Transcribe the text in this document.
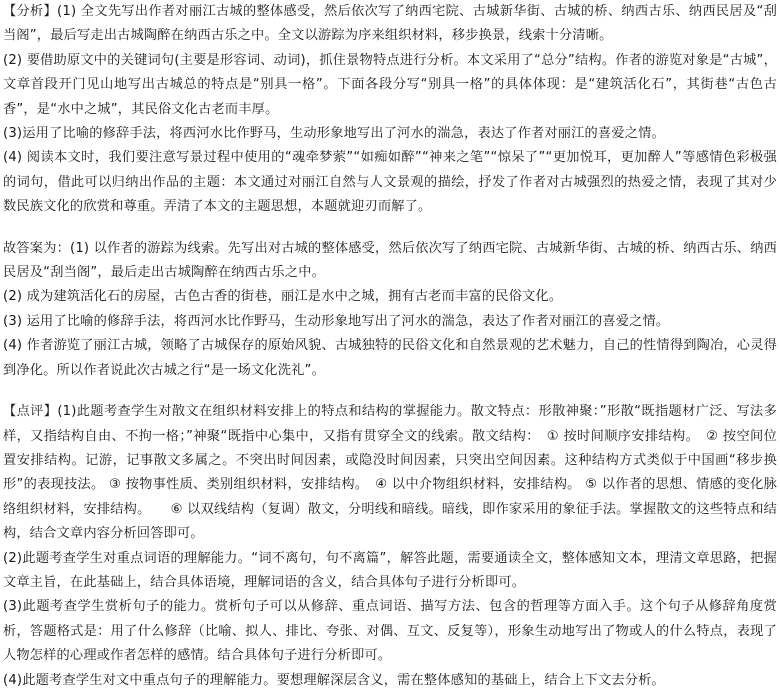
【分析】(1) 全文先写出作者对丽江古城的整体感受，然后依次写了纳西宅院、古城新华街、古城的桥、纳西古乐、纳西民居及“刮当阁”，最后写走出古城陶醉在纳西古乐之中。全文以游踪为序来组织材料，移步换景，线索十分清晰。

(2) 要借助原文中的关键词句(主要是形容词、动词)，抓住景物特点进行分析。本文采用了“总分”结构。作者的游览对象是“古城”，文章首段开门见山地写出古城总的特点是“别具一格”。下面各段分写“别具一格”的具体体现：是“建筑活化石”，其街巷“古色古香”，是“水中之城”，其民俗文化古老而丰厚。

(3)运用了比喻的修辞手法，将西河水比作野马，生动形象地写出了河水的湍急，表达了作者对丽江的喜爱之情。

(4) 阅读本文时，我们要注意写景过程中使用的“魂牵梦萦”“如痴如醉”“神来之笔”“惊呆了”“更加悦耳，更加醉人”等感情色彩极强的词句，借此可以归纳出作品的主题：本文通过对丽江自然与人文景观的描绘，抒发了作者对古城强烈的热爱之情，表现了其对少数民族文化的欣赏和尊重。弄清了本文的主题思想，本题就迎刃而解了。

故答案为：(1) 以作者的游踪为线索。先写出对古城的整体感受，然后依次写了纳西宅院、古城新华街、古城的桥、纳西古乐、纳西民居及“刮当阁”，最后走出古城陶醉在纳西古乐之中。

(2) 成为建筑活化石的房屋，古色古香的街巷，丽江是水中之城，拥有古老而丰富的民俗文化。

(3) 运用了比喻的修辞手法，将西河水比作野马，生动形象地写出了河水的湍急，表达了作者对丽江的喜爱之情。

(4) 作者游览了丽江古城，领略了古城保存的原始风貌、古城独特的民俗文化和自然景观的艺术魅力，自己的性情得到陶冶，心灵得到净化。所以作者说此次古城之行“是一场文化洗礼”。

【点评】(1)此题考查学生对散文在组织材料安排上的特点和结构的掌握能力。散文特点：形散神聚：”形散“既指题材广泛、写法多样，又指结构自由、不拘一格；”神聚“既指中心集中，又指有贯穿全文的线索。散文结构：　① 按时间顺序安排结构。　② 按空间位置安排结构。记游，记事散文多属之。不突出时间因素，或隐没时间因素，只突出空间因素。这种结构方式类似于中国画“移步换形”的表现技法。 ③ 按物事性质、类别组织材料，安排结构。　④ 以中介物组织材料，安排结构。 ⑤ 以作者的思想、情感的变化脉络组织材料，安排结构。　　⑥ 以双线结构（复调）散文，分明线和暗线。暗线，即作家采用的象征手法。掌握散文的这些特点和结构，结合文章内容分析回答即可。

(2)此题考查学生对重点词语的理解能力。“词不离句，句不离篇”，解答此题，需要通读全文，整体感知文本，理清文章思路，把握文章主旨，在此基础上，结合具体语境，理解词语的含义，结合具体句子进行分析即可。

(3)此题考查学生赏析句子的能力。赏析句子可以从修辞、重点词语、描写方法、包含的哲理等方面入手。这个句子从修辞角度赏析，答题格式是：用了什么修辞（比喻、拟人、排比、夸张、对偶、互文、反复等），形象生动地写出了物或人的什么特点，表现了人物怎样的心理或作者怎样的感情。结合具体句子进行分析即可。

(4)此题考查学生对文中重点句子的理解能力。要想理解深层含义，需在整体感知的基础上，结合上下文去分析。
